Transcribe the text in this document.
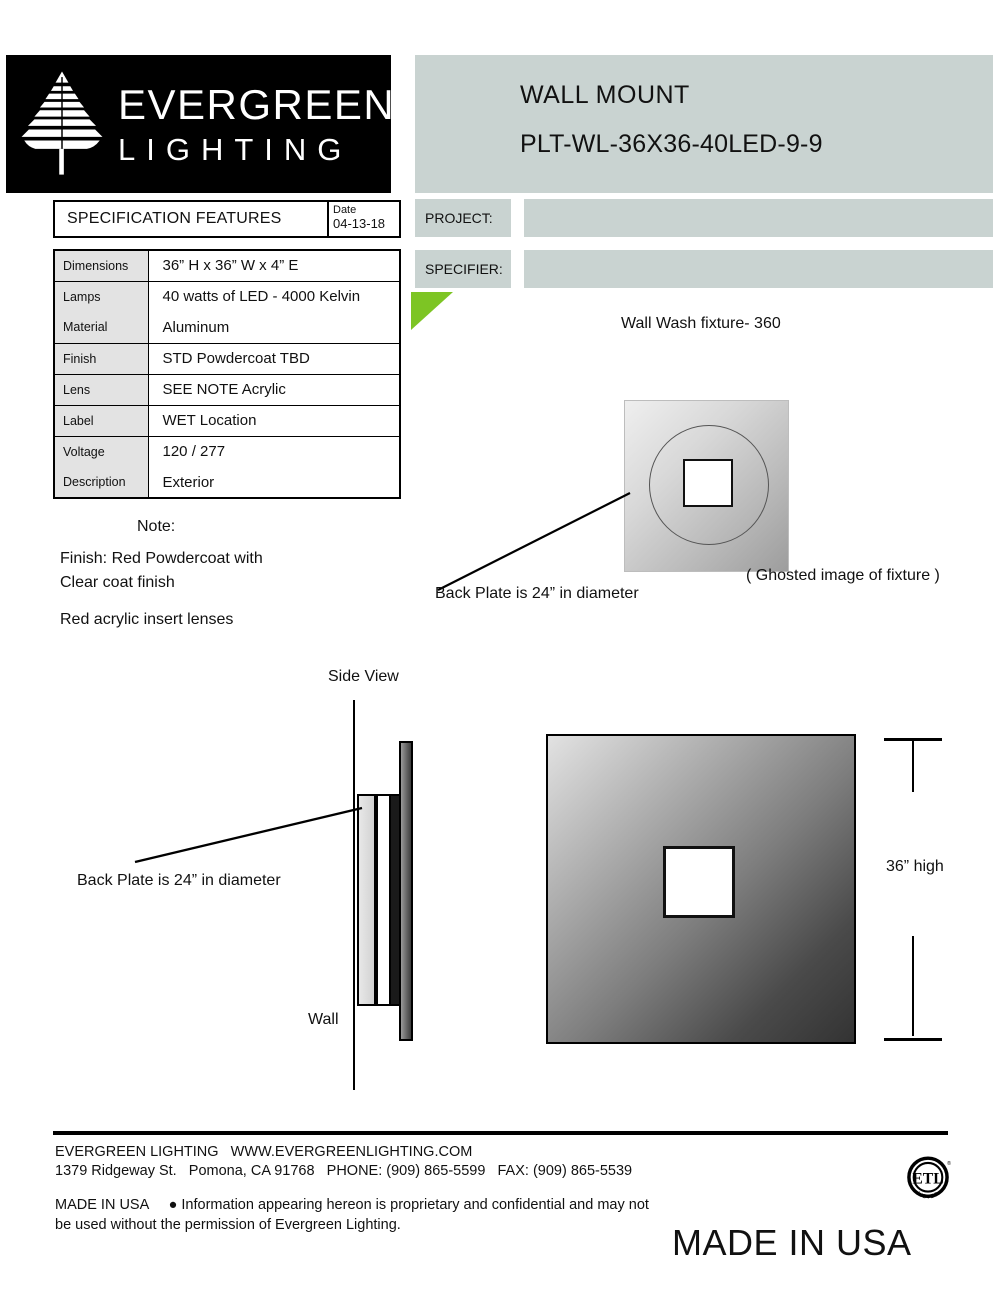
EVERGREEN
LIGHTING
WALL MOUNT
PLT-WL-36X36-40LED-9-9
SPECIFICATION FEATURES	Date
04-13-18
Dimensions	36” H x 36” W x 4” E
Lamps	40 watts of LED - 4000 Kelvin
Material	Aluminum
Finish	STD Powdercoat TBD
Lens	SEE NOTE Acrylic
Label	WET Location
Voltage	120 / 277
Description	Exterior
Note:
Finish: Red Powdercoat with
Clear coat finish
Red acrylic insert lenses
PROJECT:
SPECIFIER:
Wall Wash fixture- 360
Back Plate is 24” in diameter
( Ghosted image of fixture )
Side View
Back Plate is 24” in diameter
Wall
36” high
EVERGREEN LIGHTING   WWW.EVERGREENLIGHTING.COM
1379 Ridgeway St.   Pomona, CA 91768   PHONE: (909) 865-5599   FAX: (909) 865-5539
MADE IN USA     ● Information appearing hereon is proprietary and confidential and may not
be used without the permission of Evergreen Lighting.	MADE IN USA
ETL
LISTED
®
